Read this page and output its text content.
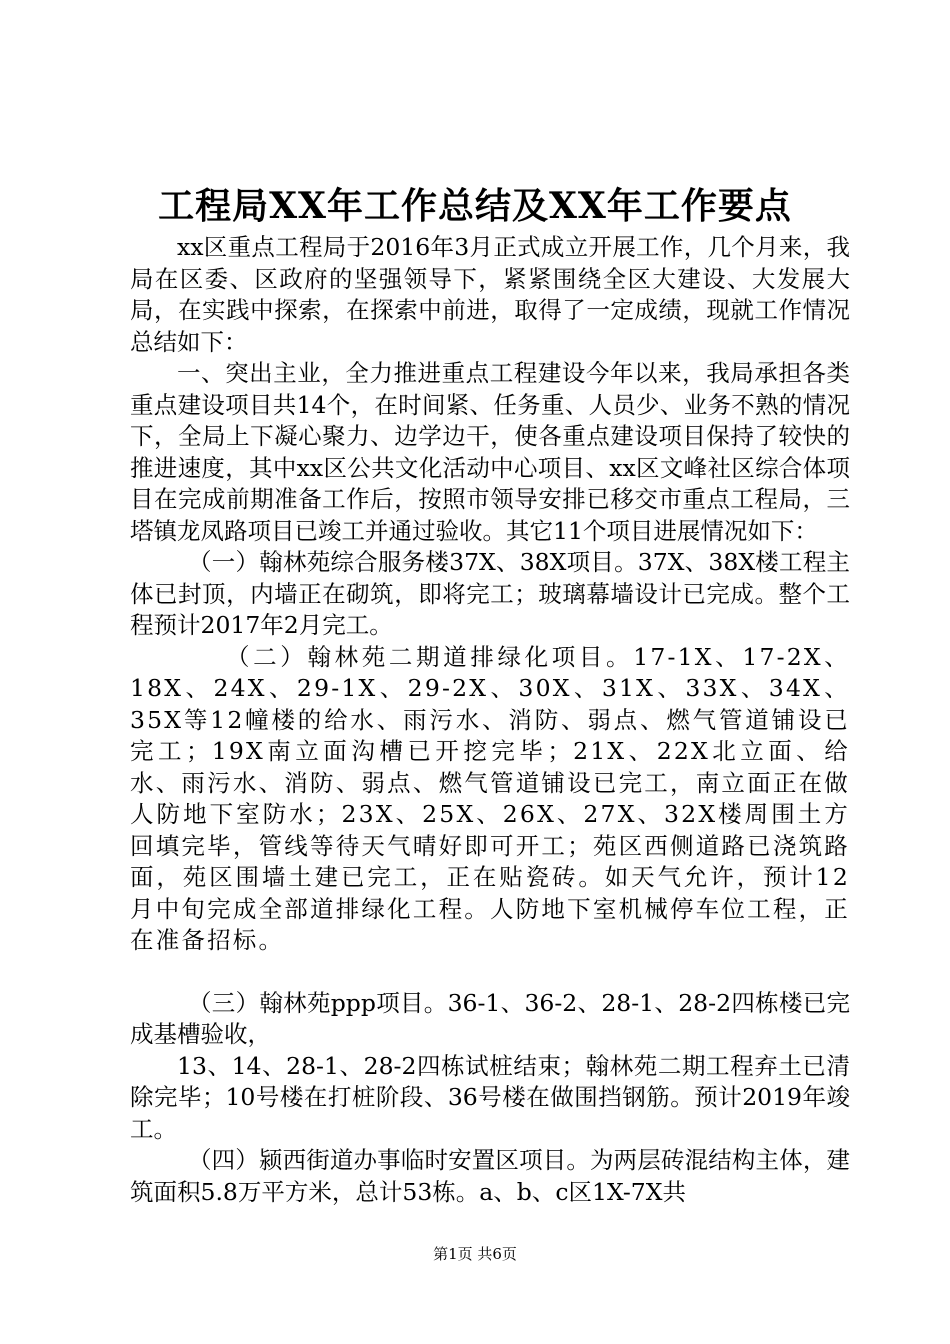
工程局XX年工作总结及XX年工作要点

xx区重点工程局于2016年3月正式成立开展工作，几个月来，我局在区委、区政府的坚强领导下，紧紧围绕全区大建设、大发展大局，在实践中探索，在探索中前进，取得了一定成绩，现就工作情况总结如下：

一、突出主业，全力推进重点工程建设今年以来，我局承担各类重点建设项目共14个，在时间紧、任务重、人员少、业务不熟的情况下，全局上下凝心聚力、边学边干，使各重点建设项目保持了较快的推进速度，其中xx区公共文化活动中心项目、xx区文峰社区综合体项目在完成前期准备工作后，按照市领导安排已移交市重点工程局，三塔镇龙凤路项目已竣工并通过验收。其它11个项目进展情况如下：

（一）翰林苑综合服务楼37X、38X项目。37X、38X楼工程主体已封顶，内墙正在砌筑，即将完工；玻璃幕墙设计已完成。整个工程预计2017年2月完工。

（二）翰林苑二期道排绿化项目。17-1X、17-2X、18X、24X、29-1X、29-2X、30X、31X、33X、34X、35X等12幢楼的给水、雨污水、消防、弱点、燃气管道铺设已完工；19X南立面沟槽已开挖完毕；21X、22X北立面、给水、雨污水、消防、弱点、燃气管道铺设已完工，南立面正在做人防地下室防水；23X、25X、26X、27X、32X楼周围土方回填完毕，管线等待天气晴好即可开工；苑区西侧道路已浇筑路面，苑区围墙土建已完工，正在贴瓷砖。如天气允许，预计12月中旬完成全部道排绿化工程。人防地下室机械停车位工程，正在准备招标。

（三）翰林苑ppp项目。36-1、36-2、28-1、28-2四栋楼已完成基槽验收，

13、14、28-1、28-2四栋试桩结束；翰林苑二期工程弃土已清除完毕；10号楼在打桩阶段、36号楼在做围挡钢筋。预计2019年竣工。

（四）颍西街道办事临时安置区项目。为两层砖混结构主体，建筑面积5.8万平方米，总计53栋。a、b、c区1X-7X共

第1页 共6页
